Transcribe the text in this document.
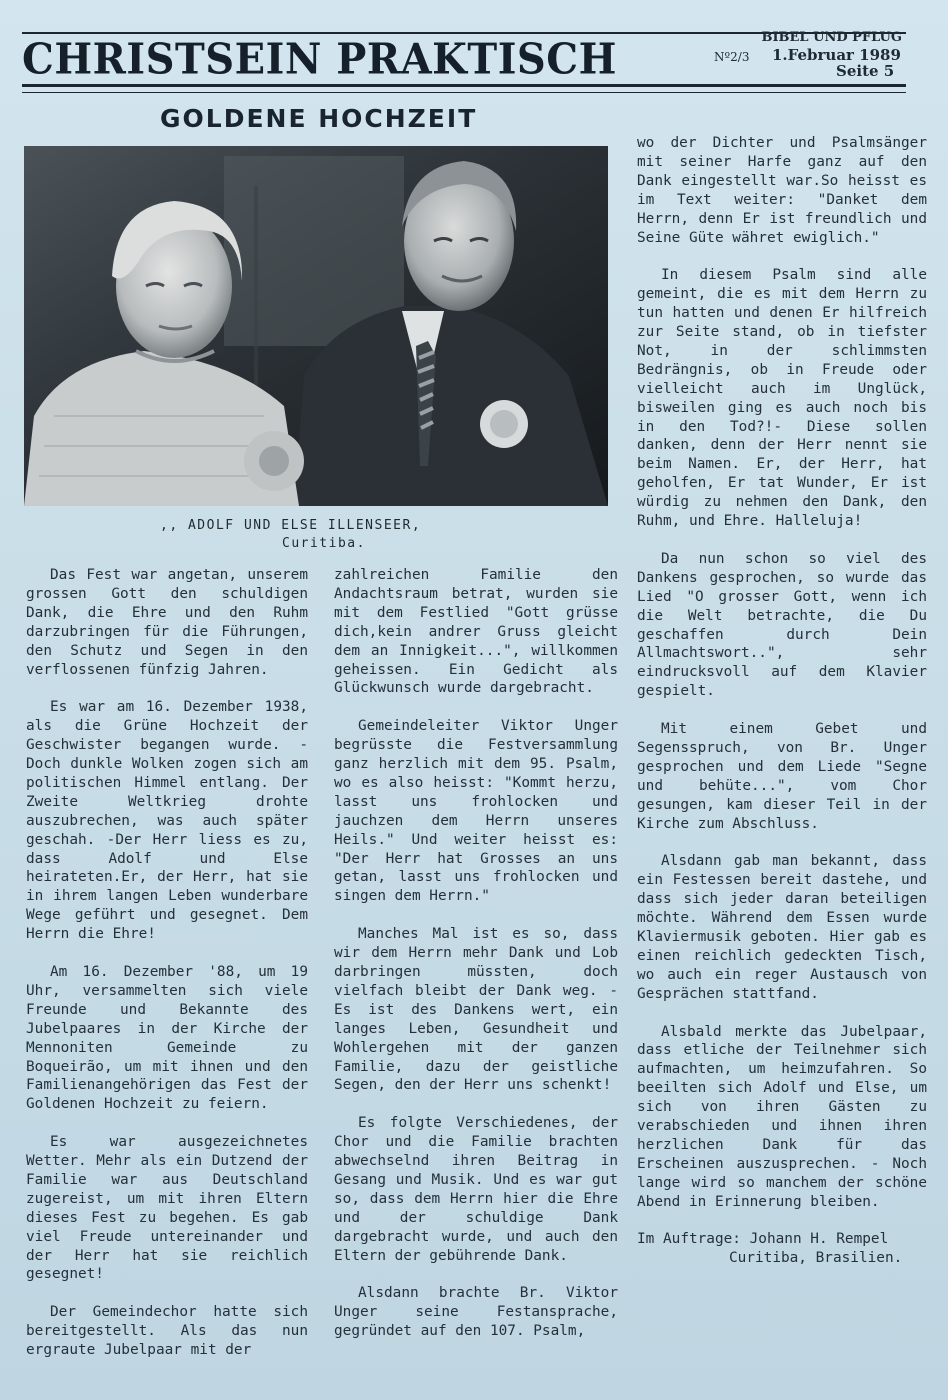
CHRISTSEIN PRAKTISCH	BIBEL UND PFLUG
Nº2/3 1.Februar 1989
Seite 5
GOLDENE HOCHZEIT
,, ADOLF UND ELSE ILLENSEER,
Curitiba.

Das Fest war angetan, unserem grossen Gott den schuldigen Dank, die Ehre und den Ruhm darzubringen für die Führungen, den Schutz und Segen in den verflossenen fünfzig Jahren.

Es war am 16. Dezember 1938, als die Grüne Hochzeit der Geschwister begangen wurde. - Doch dunkle Wolken zogen sich am politischen Himmel entlang. Der Zweite Weltkrieg drohte auszubrechen, was auch später geschah. -Der Herr liess es zu, dass Adolf und Else heirateten.Er, der Herr, hat sie in ihrem langen Leben wunderbare Wege geführt und gesegnet. Dem Herrn die Ehre!

Am 16. Dezember '88, um 19 Uhr, versammelten sich viele Freunde und Bekannte des Jubelpaares in der Kirche der Mennoniten Gemeinde zu Boqueirão, um mit ihnen und den Familienangehörigen das Fest der Goldenen Hochzeit zu feiern.

Es war ausgezeichnetes Wetter. Mehr als ein Dutzend der Familie war aus Deutschland zugereist, um mit ihren Eltern dieses Fest zu begehen. Es gab viel Freude untereinander und der Herr hat sie reichlich gesegnet!

Der Gemeindechor hatte sich bereitgestellt. Als das nun ergraute Jubelpaar mit der

zahlreichen Familie den Andachtsraum betrat, wurden sie mit dem Festlied "Gott grüsse dich,kein andrer Gruss gleicht dem an Innigkeit...", willkommen geheissen. Ein Gedicht als Glückwunsch wurde dargebracht.

Gemeindeleiter Viktor Unger begrüsste die Festversammlung ganz herzlich mit dem 95. Psalm, wo es also heisst: "Kommt herzu, lasst uns frohlocken und jauchzen dem Herrn unseres Heils." Und weiter heisst es: "Der Herr hat Grosses an uns getan, lasst uns frohlocken und singen dem Herrn."

Manches Mal ist es so, dass wir dem Herrn mehr Dank und Lob darbringen müssten, doch vielfach bleibt der Dank weg. - Es ist des Dankens wert, ein langes Leben, Gesundheit und Wohlergehen mit der ganzen Familie, dazu der geistliche Segen, den der Herr uns schenkt!

Es folgte Verschiedenes, der Chor und die Familie brachten abwechselnd ihren Beitrag in Gesang und Musik. Und es war gut so, dass dem Herrn hier die Ehre und der schuldige Dank dargebracht wurde, und auch den Eltern der gebührende Dank.

Alsdann brachte Br. Viktor Unger seine Festansprache, gegründet auf den 107. Psalm,

wo der Dichter und Psalmsänger mit seiner Harfe ganz auf den Dank eingestellt war.So heisst es im Text weiter: "Danket dem Herrn, denn Er ist freundlich und Seine Güte währet ewiglich."

In diesem Psalm sind alle gemeint, die es mit dem Herrn zu tun hatten und denen Er hilfreich zur Seite stand, ob in tiefster Not, in der schlimmsten Bedrängnis, ob in Freude oder vielleicht auch im Unglück, bisweilen ging es auch noch bis in den Tod?!- Diese sollen danken, denn der Herr nennt sie beim Namen. Er, der Herr, hat geholfen, Er tat Wunder, Er ist würdig zu nehmen den Dank, den Ruhm, und Ehre. Halleluja!

Da nun schon so viel des Dankens gesprochen, so wurde das Lied "O grosser Gott, wenn ich die Welt betrachte, die Du geschaffen durch Dein Allmachtswort..", sehr eindrucksvoll auf dem Klavier gespielt.

Mit einem Gebet und Segensspruch, von Br. Unger gesprochen und dem Liede "Segne und behüte...", vom Chor gesungen, kam dieser Teil in der Kirche zum Abschluss.

Alsdann gab man bekannt, dass ein Festessen bereit dastehe, und dass sich jeder daran beteiligen möchte. Während dem Essen wurde Klaviermusik geboten. Hier gab es einen reichlich gedeckten Tisch, wo auch ein reger Austausch von Gesprächen stattfand.

Alsbald merkte das Jubelpaar, dass etliche der Teilnehmer sich aufmachten, um heimzufahren. So beeilten sich Adolf und Else, um sich von ihren Gästen zu verabschieden und ihnen ihren herzlichen Dank für das Erscheinen auszusprechen. - Noch lange wird so manchem der schöne Abend in Erinnerung bleiben.

Im Auftrage: Johann H. Rempel
Curitiba, Brasilien.
